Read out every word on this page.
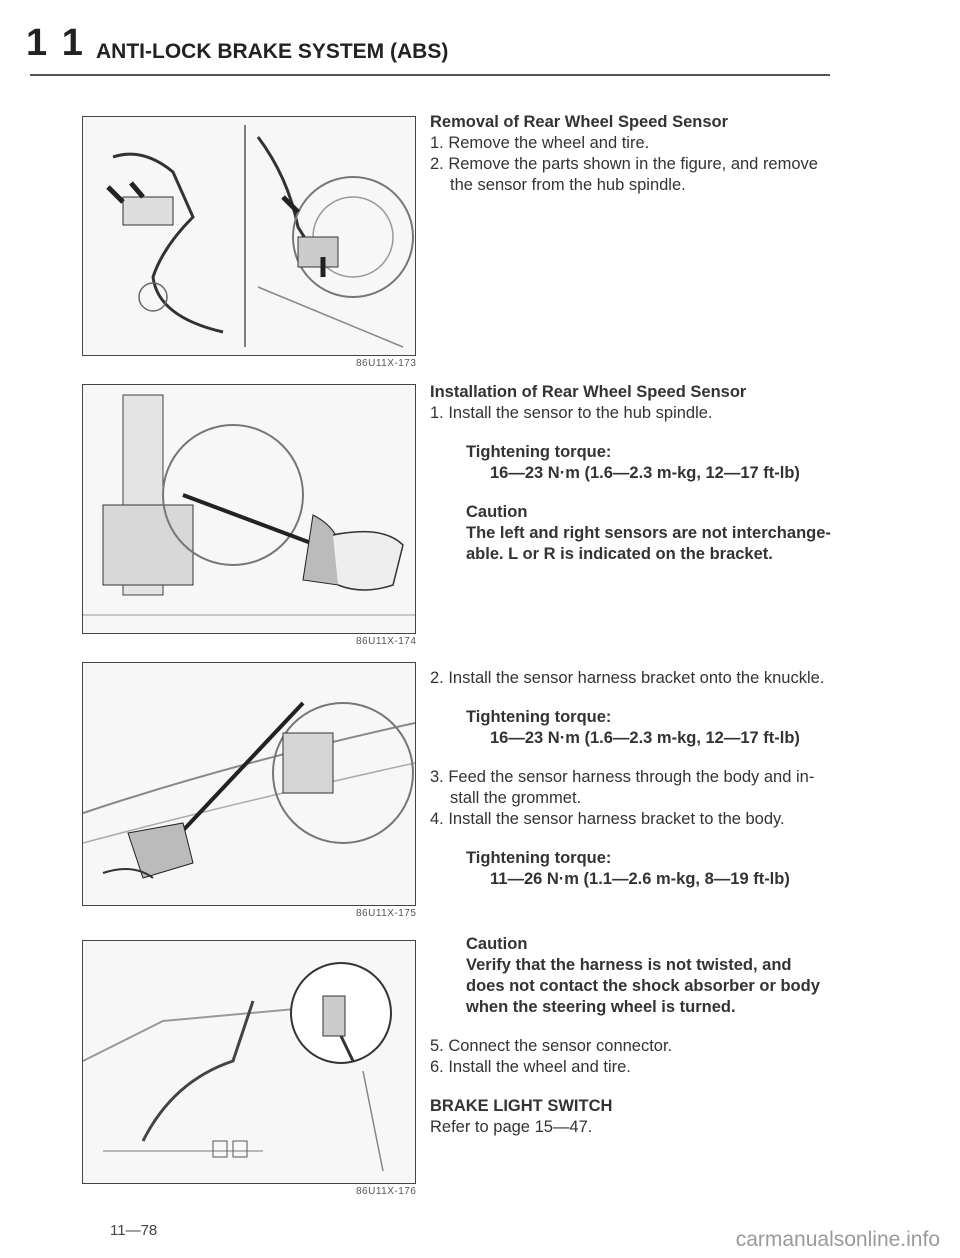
1 1 ANTI-LOCK BRAKE SYSTEM (ABS)
86U11X-173
86U11X-174
86U11X-175
86U11X-176
Removal of Rear Wheel Speed Sensor
1. Remove the wheel and tire.
2. Remove the parts shown in the figure, and remove
the sensor from the hub spindle.
Installation of Rear Wheel Speed Sensor
1. Install the sensor to the hub spindle.
Tightening torque:
16—23 N·m (1.6—2.3 m-kg, 12—17 ft-lb)
Caution
The left and right sensors are not interchange-
able. L or R is indicated on the bracket.
2. Install the sensor harness bracket onto the knuckle.
Tightening torque:
16—23 N·m (1.6—2.3 m-kg, 12—17 ft-lb)
3. Feed the sensor harness through the body and in-
stall the grommet.
4. Install the sensor harness bracket to the body.
Tightening torque:
11—26 N·m (1.1—2.6 m-kg, 8—19 ft-lb)
Caution
Verify that the harness is not twisted, and
does not contact the shock absorber or body
when the steering wheel is turned.
5. Connect the sensor connector.
6. Install the wheel and tire.
BRAKE LIGHT SWITCH
Refer to page 15—47.
11—78	carmanualsonline.info
